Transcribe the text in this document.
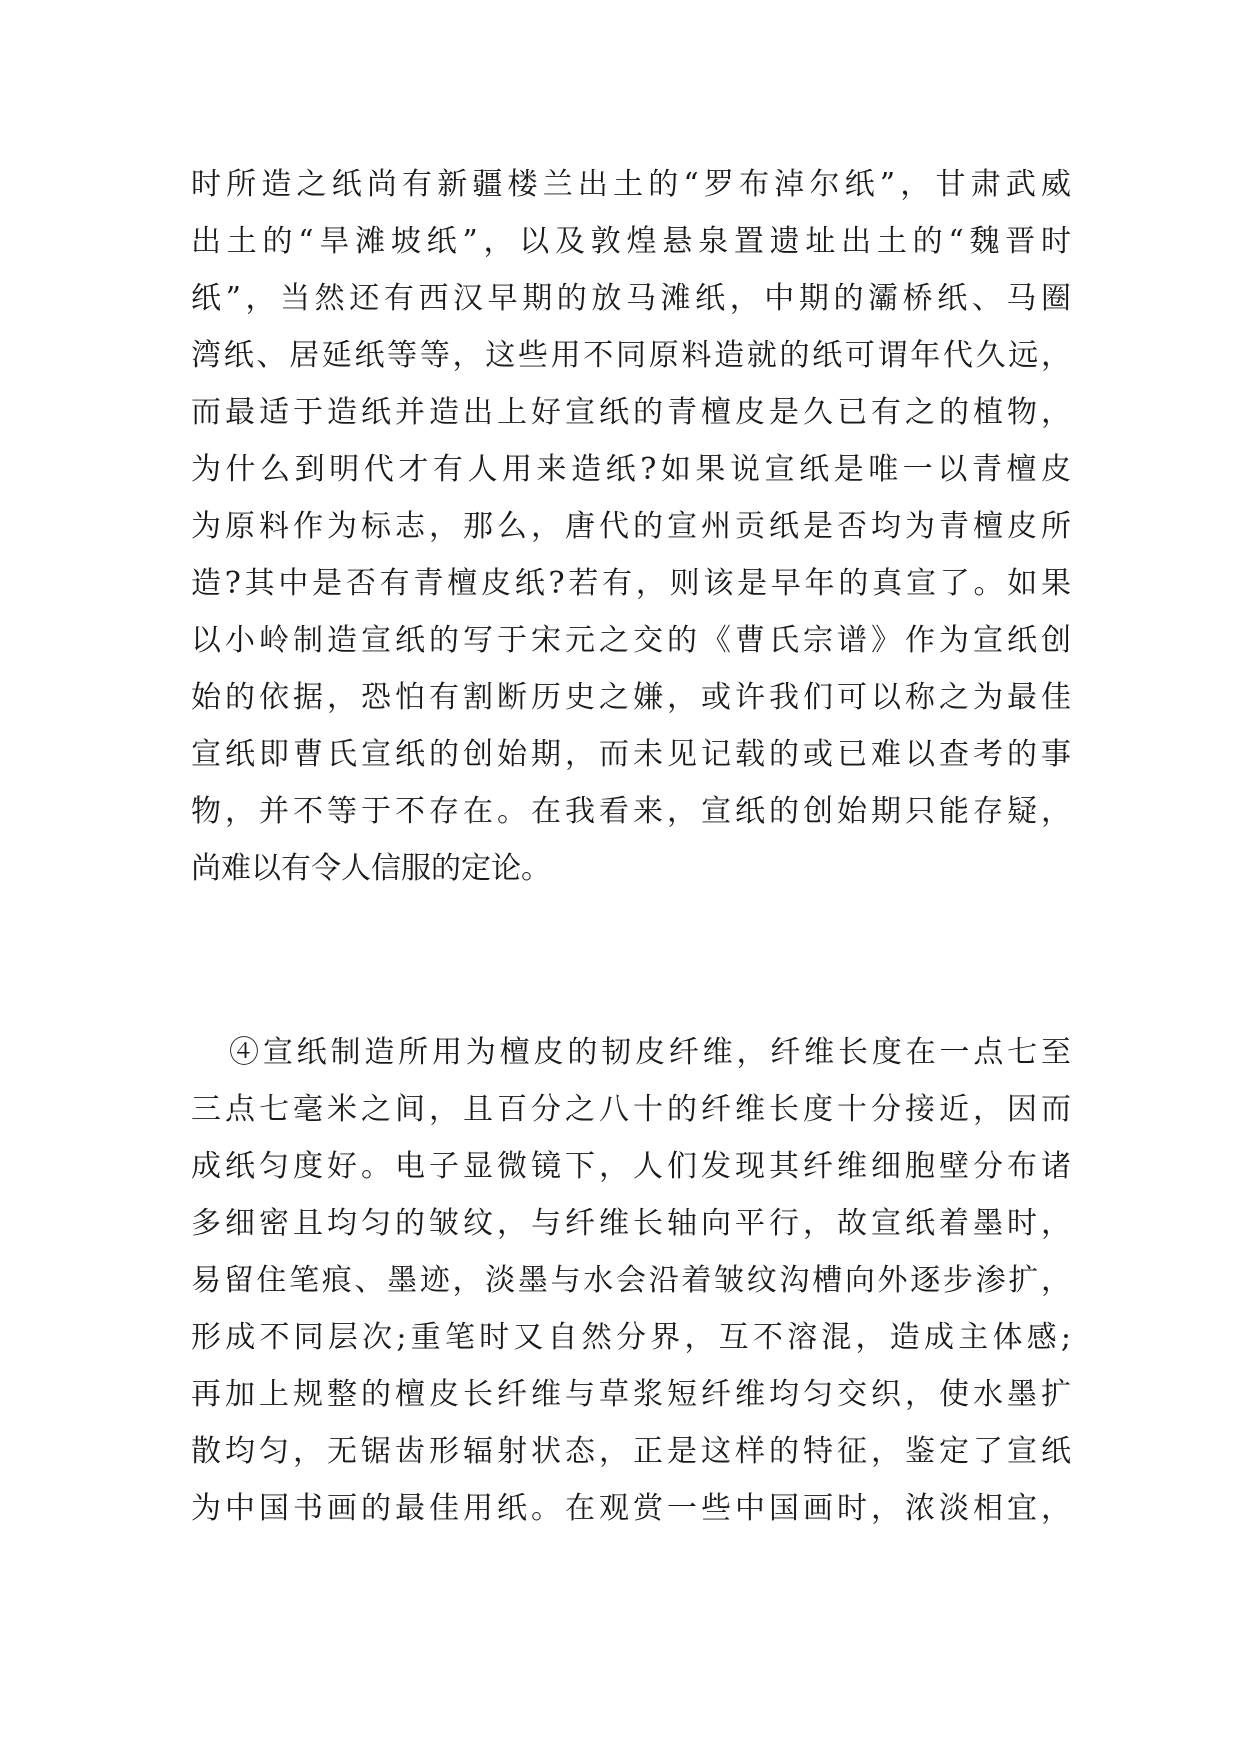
时所造之纸尚有新疆楼兰出土的“罗布淖尔纸”，甘肃武威
出土的“旱滩坡纸”，以及敦煌悬泉置遗址出土的“魏晋时
纸”，当然还有西汉早期的放马滩纸，中期的灞桥纸、马圈
湾纸、居延纸等等，这些用不同原料造就的纸可谓年代久远，
而最适于造纸并造出上好宣纸的青檀皮是久已有之的植物，
为什么到明代才有人用来造纸?如果说宣纸是唯一以青檀皮
为原料作为标志，那么，唐代的宣州贡纸是否均为青檀皮所
造?其中是否有青檀皮纸?若有，则该是早年的真宣了。如果
以小岭制造宣纸的写于宋元之交的《曹氏宗谱》作为宣纸创
始的依据，恐怕有割断历史之嫌，或许我们可以称之为最佳
宣纸即曹氏宣纸的创始期，而未见记载的或已难以查考的事
物，并不等于不存在。在我看来，宣纸的创始期只能存疑，
尚难以有令人信服的定论。
④宣纸制造所用为檀皮的韧皮纤维，纤维长度在一点七至
三点七毫米之间，且百分之八十的纤维长度十分接近，因而
成纸匀度好。电子显微镜下，人们发现其纤维细胞壁分布诸
多细密且均匀的皱纹，与纤维长轴向平行，故宣纸着墨时，
易留住笔痕、墨迹，淡墨与水会沿着皱纹沟槽向外逐步渗扩，
形成不同层次;重笔时又自然分界，互不溶混，造成主体感;
再加上规整的檀皮长纤维与草浆短纤维均匀交织，使水墨扩
散均匀，无锯齿形辐射状态，正是这样的特征，鉴定了宣纸
为中国书画的最佳用纸。在观赏一些中国画时，浓淡相宜，
